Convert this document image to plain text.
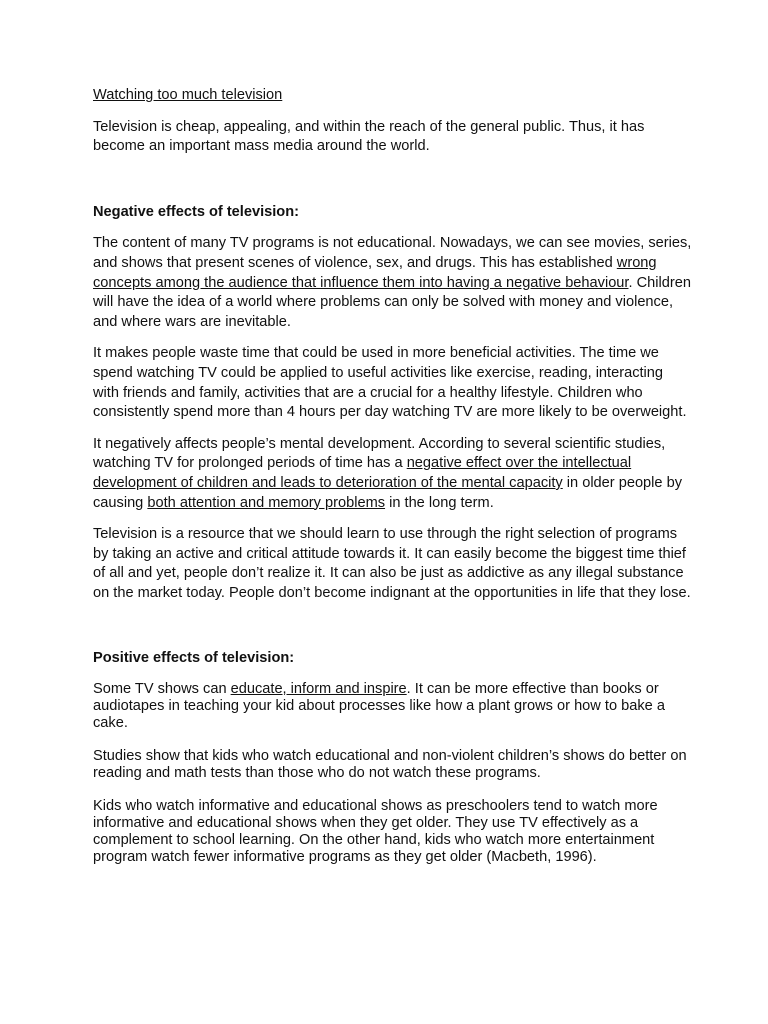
Watching too much television

Television is cheap, appealing, and within the reach of the general public. Thus, it has become an important mass media around the world.

Negative effects of television:

The content of many TV programs is not educational. Nowadays, we can see movies, series, and shows that present scenes of violence, sex, and drugs. This has established wrong concepts among the audience that influence them into having a negative behaviour. Children will have the idea of a world where problems can only be solved with money and violence, and where wars are inevitable.

It makes people waste time that could be used in more beneficial activities. The time we spend watching TV could be applied to useful activities like exercise, reading, interacting with friends and family, activities that are a crucial for a healthy lifestyle. Children who consistently spend more than 4 hours per day watching TV are more likely to be overweight.

It negatively affects people’s mental development. According to several scientific studies, watching TV for prolonged periods of time has a negative effect over the intellectual development of children and leads to deterioration of the mental capacity in older people by causing both attention and memory problems in the long term.

Television is a resource that we should learn to use through the right selection of programs by taking an active and critical attitude towards it. It can easily become the biggest time thief of all and yet, people don’t realize it. It can also be just as addictive as any illegal substance on the market today. People don’t become indignant at the opportunities in life that they lose.

Positive effects of television:

Some TV shows can educate, inform and inspire. It can be more effective than books or audiotapes in teaching your kid about processes like how a plant grows or how to bake a cake.

Studies show that kids who watch educational and non-violent children’s shows do better on reading and math tests than those who do not watch these programs.

Kids who watch informative and educational shows as preschoolers tend to watch more informative and educational shows when they get older. They use TV effectively as a complement to school learning. On the other hand, kids who watch more entertainment program watch fewer informative programs as they get older (Macbeth, 1996).
